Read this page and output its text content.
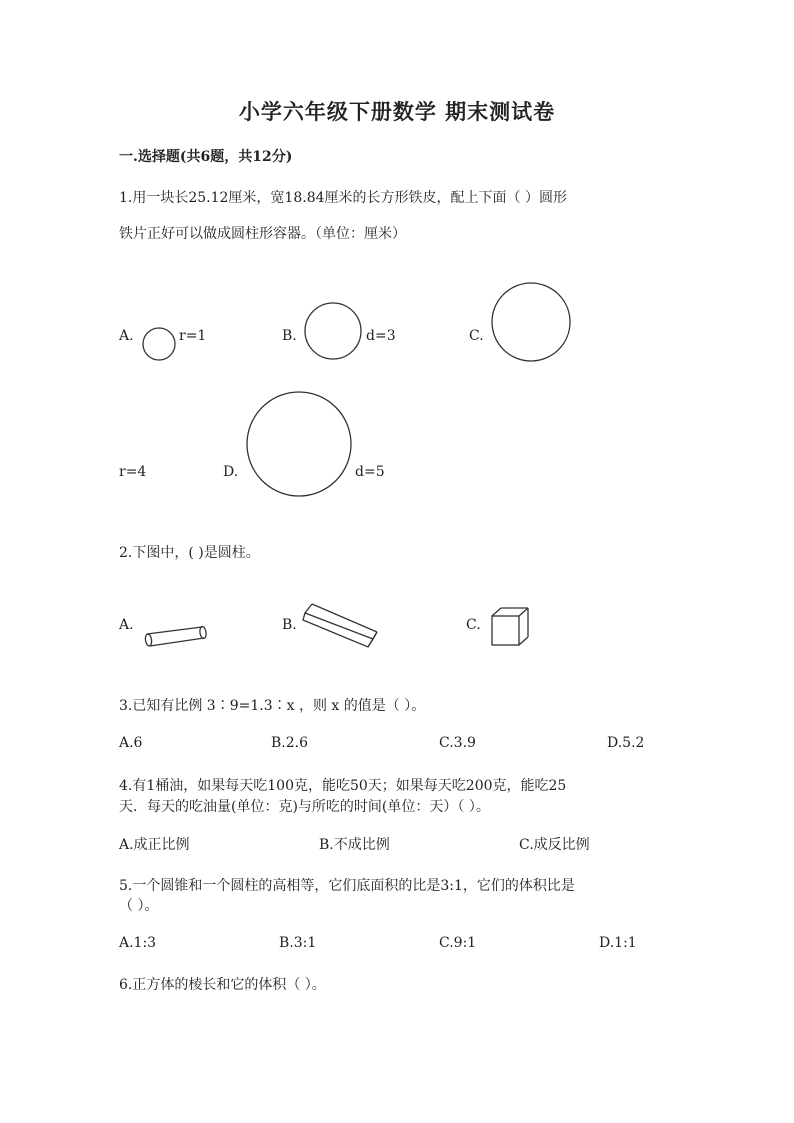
小学六年级下册数学 期末测试卷
一.选择题(共6题，共12分)
1.用一块长25.12厘米，宽18.84厘米的长方形铁皮，配上下面（ ）圆形
铁片正好可以做成圆柱形容器。（单位：厘米）
A.	r=1	B.	d=3	C.
r=4	D.	d=5
2.下图中，( )是圆柱。
A.	B.	C.
3.已知有比例 3∶9=1.3∶x ，则 x 的值是（ ）。
A.6	B.2.6	C.3.9	D.5.2
4.有1桶油，如果每天吃100克，能吃50天；如果每天吃200克，能吃25
天．每天的吃油量(单位：克)与所吃的时间(单位：天）（ ）。
A.成正比例	B.不成比例	C.成反比例
5.一个圆锥和一个圆柱的高相等，它们底面积的比是3:1，它们的体积比是
（ ）。
A.1:3	B.3:1	C.9:1	D.1:1
6.正方体的棱长和它的体积（ ）。
